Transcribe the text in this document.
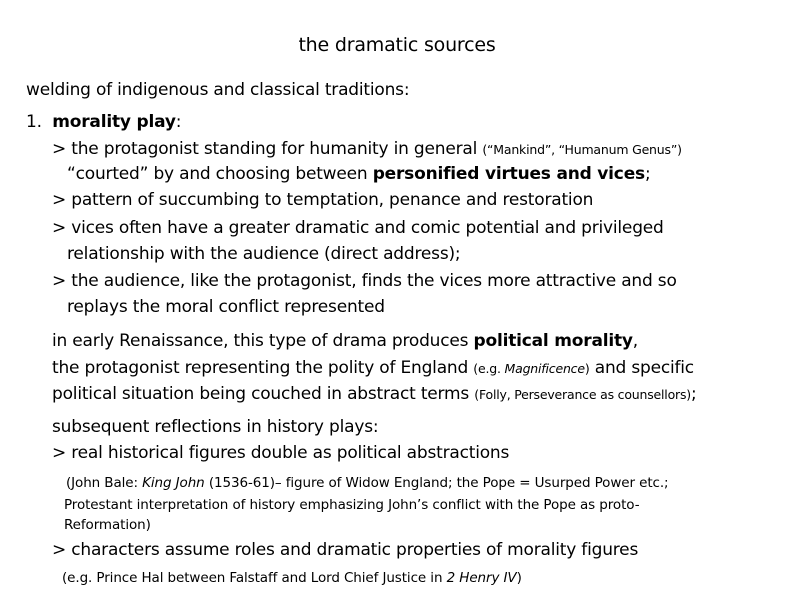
the dramatic sources
welding of indigenous and classical traditions:
1. morality play:
> the protagonist standing for humanity in general (“Mankind”, “Humanum Genus”)
“courted” by and choosing between personified virtues and vices;
> pattern of succumbing to temptation, penance and restoration
> vices often have a greater dramatic and comic potential and privileged
relationship with the audience (direct address);
> the audience, like the protagonist, finds the vices more attractive and so
replays the moral conflict represented
in early Renaissance, this type of drama produces political morality,
the protagonist representing the polity of England (e.g. Magnificence) and specific
political situation being couched in abstract terms (Folly, Perseverance as counsellors);
subsequent reflections in history plays:
> real historical figures double as political abstractions
(John Bale: King John (1536-61)– figure of Widow England; the Pope = Usurped Power etc.;
Protestant interpretation of history emphasizing John’s conflict with the Pope as proto-
Reformation)
> characters assume roles and dramatic properties of morality figures
(e.g. Prince Hal between Falstaff and Lord Chief Justice in 2 Henry IV)
